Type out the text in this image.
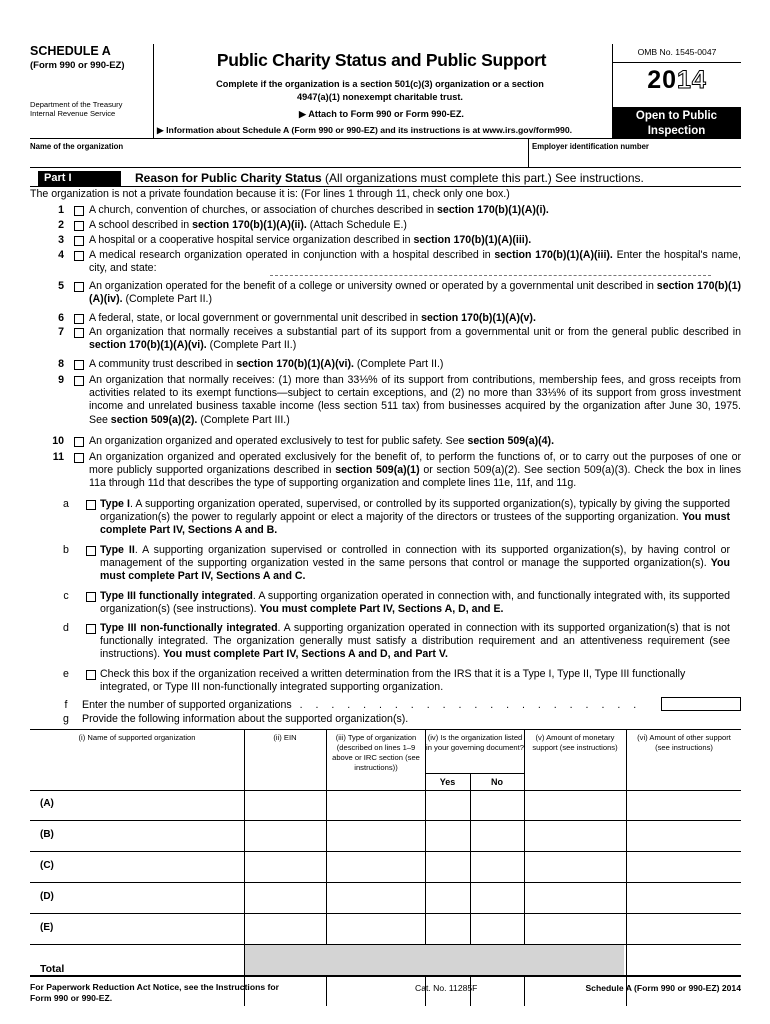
SCHEDULE A
(Form 990 or 990-EZ)
Department of the Treasury
Internal Revenue Service
Public Charity Status and Public Support
Complete if the organization is a section 501(c)(3) organization or a section
4947(a)(1) nonexempt charitable trust.
▶ Attach to Form 990 or Form 990-EZ.
▶ Information about Schedule A (Form 990 or 990-EZ) and its instructions is at www.irs.gov/form990.
OMB No. 1545-0047
2014
Open to Public
Inspection
Name of the organization	Employer identification number
Part I	Reason for Public Charity Status (All organizations must complete this part.) See instructions.
The organization is not a private foundation because it is: (For lines 1 through 11, check only one box.)
1 A church, convention of churches, or association of churches described in section 170(b)(1)(A)(i).
2 A school described in section 170(b)(1)(A)(ii). (Attach Schedule E.)
3 A hospital or a cooperative hospital service organization described in section 170(b)(1)(A)(iii).
4 A medical research organization operated in conjunction with a hospital described in section 170(b)(1)(A)(iii). Enter the hospital's name, city, and state:
5 An organization operated for the benefit of a college or university owned or operated by a governmental unit described in section 170(b)(1)(A)(iv). (Complete Part II.)
6 A federal, state, or local government or governmental unit described in section 170(b)(1)(A)(v).
7 An organization that normally receives a substantial part of its support from a governmental unit or from the general public described in section 170(b)(1)(A)(vi). (Complete Part II.)
8 A community trust described in section 170(b)(1)(A)(vi). (Complete Part II.)
9 An organization that normally receives: (1) more than 33⅓% of its support from contributions, membership fees, and gross receipts from activities related to its exempt functions—subject to certain exceptions, and (2) no more than 33⅓% of its support from gross investment income and unrelated business taxable income (less section 511 tax) from businesses acquired by the organization after June 30, 1975. See section 509(a)(2). (Complete Part III.)
10 An organization organized and operated exclusively to test for public safety. See section 509(a)(4).
11 An organization organized and operated exclusively for the benefit of, to perform the functions of, or to carry out the purposes of one or more publicly supported organizations described in section 509(a)(1) or section 509(a)(2). See section 509(a)(3). Check the box in lines 11a through 11d that describes the type of supporting organization and complete lines 11e, 11f, and 11g.
a	Type I. A supporting organization operated, supervised, or controlled by its supported organization(s), typically by giving the supported organization(s) the power to regularly appoint or elect a majority of the directors or trustees of the supporting organization. You must complete Part IV, Sections A and B.
b	Type II. A supporting organization supervised or controlled in connection with its supported organization(s), by having control or management of the supporting organization vested in the same persons that control or manage the supported organization(s). You must complete Part IV, Sections A and C.
c	Type III functionally integrated. A supporting organization operated in connection with, and functionally integrated with, its supported organization(s) (see instructions). You must complete Part IV, Sections A, D, and E.
d	Type III non-functionally integrated. A supporting organization operated in connection with its supported organization(s) that is not functionally integrated. The organization generally must satisfy a distribution requirement and an attentiveness requirement (see instructions). You must complete Part IV, Sections A and D, and Part V.
e	Check this box if the organization received a written determination from the IRS that it is a Type I, Type II, Type III functionally integrated, or Type III non-functionally integrated supporting organization.
f	Enter the number of supported organizations . . . . . . . . . . . . . . . . . . . . . .
g Provide the following information about the supported organization(s).
(i) Name of supported organization	(ii) EIN	(iii) Type of organization (described on lines 1–9 above or IRC section (see instructions))
(iv) Is the organization listed in your governing document?
Yes	No
(v) Amount of monetary support (see instructions)
(vi) Amount of other support (see instructions)
(A)
(B)
(C)
(D)
(E)
Total
For Paperwork Reduction Act Notice, see the Instructions for
Form 990 or 990-EZ.
Cat. No. 11285F	Schedule A (Form 990 or 990-EZ) 2014
